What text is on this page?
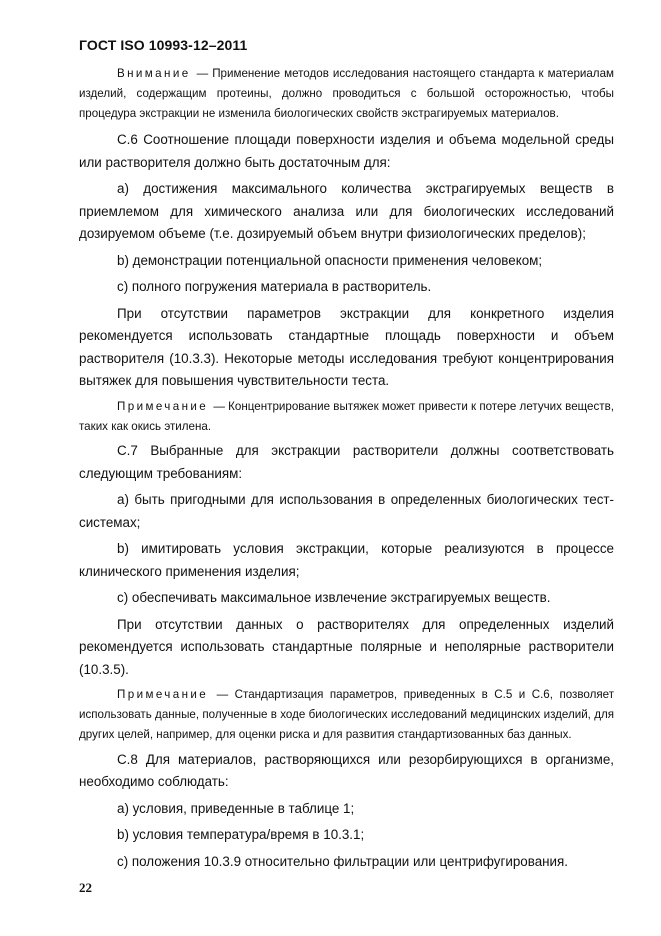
ГОСТ ISO 10993-12–2011

Внимание — Применение методов исследования настоящего стандарта к материалам изделий, содержащим протеины, должно проводиться с большой осторожностью, чтобы процедура экстракции не изменила биологических свойств экстрагируемых материалов.

С.6 Соотношение площади поверхности изделия и объема модельной среды или растворителя должно быть достаточным для:

a) достижения максимального количества экстрагируемых веществ в приемлемом для химического анализа или для биологических исследований дозируемом объеме (т.е. дозируемый объем внутри физиологических пределов);

b) демонстрации потенциальной опасности применения человеком;

c) полного погружения материала в растворитель.

При отсутствии параметров экстракции для конкретного изделия рекомендуется использовать стандартные площадь поверхности и объем растворителя (10.3.3). Некоторые методы исследования требуют концентрирования вытяжек для повышения чувствительности теста.

Примечание — Концентрирование вытяжек может привести к потере летучих веществ, таких как окись этилена.

С.7 Выбранные для экстракции растворители должны соответствовать следующим требованиям:

a) быть пригодными для использования в определенных биологических тест-системах;

b) имитировать условия экстракции, которые реализуются в процессе клинического применения изделия;

c) обеспечивать максимальное извлечение экстрагируемых веществ.

При отсутствии данных о растворителях для определенных изделий рекомендуется использовать стандартные полярные и неполярные растворители (10.3.5).

Примечание — Стандартизация параметров, приведенных в С.5 и С.6, позволяет использовать данные, полученные в ходе биологических исследований медицинских изделий, для других целей, например, для оценки риска и для развития стандартизованных баз данных.

С.8 Для материалов, растворяющихся или резорбирующихся в организме, необходимо соблюдать:

a) условия, приведенные в таблице 1;

b) условия температура/время в 10.3.1;

c) положения 10.3.9 относительно фильтрации или центрифугирования.

22
